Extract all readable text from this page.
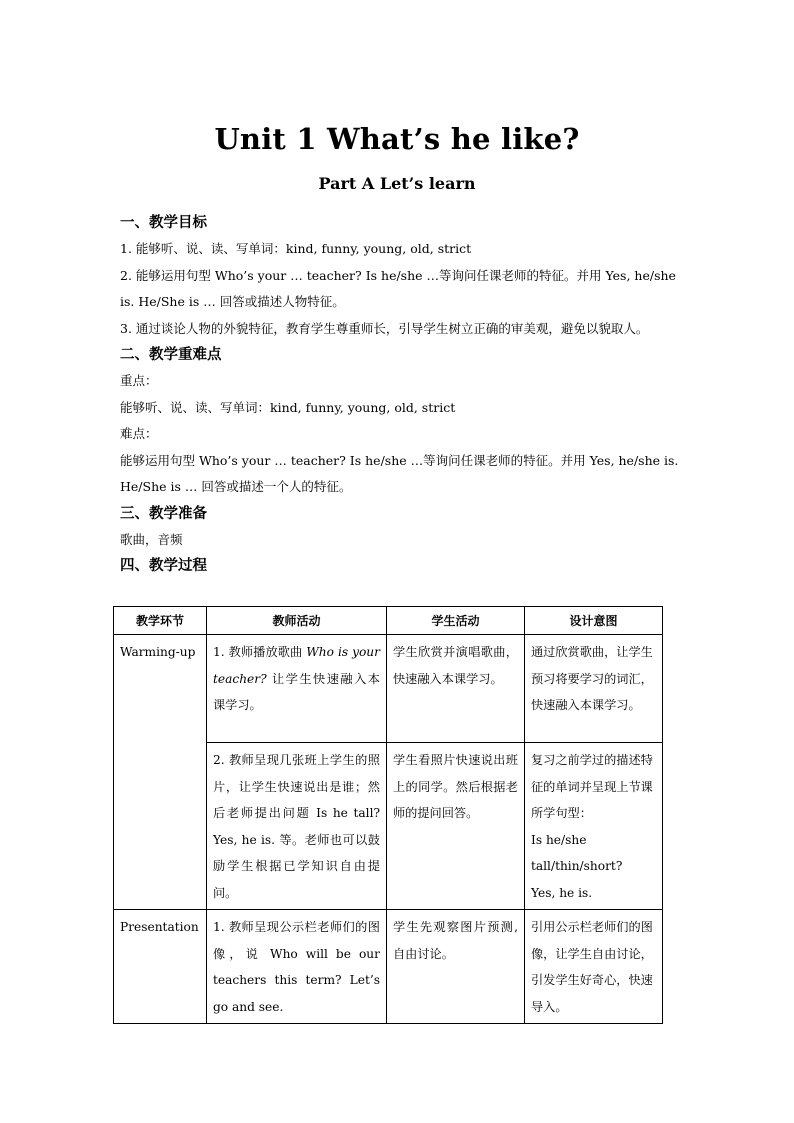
Unit 1 What’s he like?
Part A Let’s learn
一、教学目标
1. 能够听、说、读、写单词：kind, funny, young, old, strict
2. 能够运用句型 Who’s your … teacher? Is he/she …等询问任课老师的特征。并用 Yes, he/she is. He/She is … 回答或描述人物特征。
3. 通过谈论人物的外貌特征，教育学生尊重师长，引导学生树立正确的审美观，避免以貌取人。
二、教学重难点
重点：
能够听、说、读、写单词：kind, funny, young, old, strict
难点：
能够运用句型 Who’s your … teacher? Is he/she …等询问任课老师的特征。并用 Yes, he/she is. He/She is … 回答或描述一个人的特征。
三、教学准备
歌曲，音频
四、教学过程
教学环节	教师活动	学生活动	设计意图
Warming-up	1. 教师播放歌曲 Who is your teacher? 让学生快速融入本课学习。	学生欣赏并演唱歌曲，快速融入本课学习。	通过欣赏歌曲，让学生预习将要学习的词汇，快速融入本课学习。
	2. 教师呈现几张班上学生的照片，让学生快速说出是谁；然后老师提出问题 Is he tall? Yes, he is. 等。老师也可以鼓励学生根据已学知识自由提问。	学生看照片快速说出班上的同学。然后根据老师的提问回答。	复习之前学过的描述特征的单词并呈现上节课所学句型：
Is he/she
tall/thin/short?
Yes, he is.

Presentation	1. 教师呈现公示栏老师们的图像，说 Who will be our teachers this term? Let’s go and see.	学生先观察图片预测, 自由讨论。	引用公示栏老师们的图像，让学生自由讨论，引发学生好奇心，快速导入。
